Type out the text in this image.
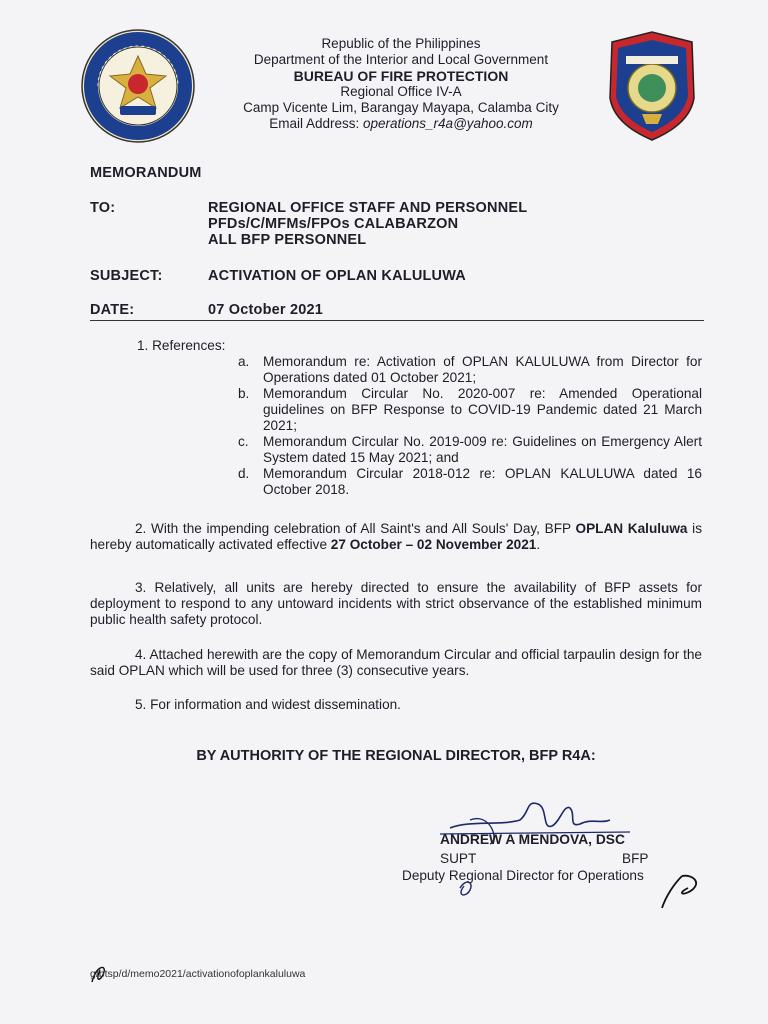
Republic of the Philippines
Department of the Interior and Local Government
BUREAU OF FIRE PROTECTION
Regional Office IV-A
Camp Vicente Lim, Barangay Mayapa, Calamba City
Email Address: operations_r4a@yahoo.com
MEMORANDUM
TO:	REGIONAL OFFICE STAFF AND PERSONNEL
PFDs/C/MFMs/FPOs CALABARZON
ALL BFP PERSONNEL
SUBJECT:	ACTIVATION OF OPLAN KALULUWA
DATE:	07 October 2021
1. References:
a.	Memorandum re: Activation of OPLAN KALULUWA from Director for Operations dated 01 October 2021;
b.	Memorandum Circular No. 2020-007 re: Amended Operational guidelines on BFP Response to COVID-19 Pandemic dated 21 March 2021;
c.	Memorandum Circular No. 2019-009 re: Guidelines on Emergency Alert System dated 15 May 2021; and
d.	Memorandum Circular 2018-012 re: OPLAN KALULUWA dated 16 October 2018.

2. With the impending celebration of All Saint's and All Souls' Day, BFP OPLAN Kaluluwa is hereby automatically activated effective 27 October – 02 November 2021.

3. Relatively, all units are hereby directed to ensure the availability of BFP assets for deployment to respond to any untoward incidents with strict observance of the established minimum public health safety protocol.

4. Attached herewith are the copy of Memorandum Circular and official tarpaulin design for the said OPLAN which will be used for three (3) consecutive years.

5. For information and widest dissemination.

BY AUTHORITY OF THE REGIONAL DIRECTOR, BFP R4A:
ANDREW A MENDOVA, DSC
SUPT	BFP
Deputy Regional Director for Operations
g/btsp/d/memo2021/activationofoplankaluluwa
